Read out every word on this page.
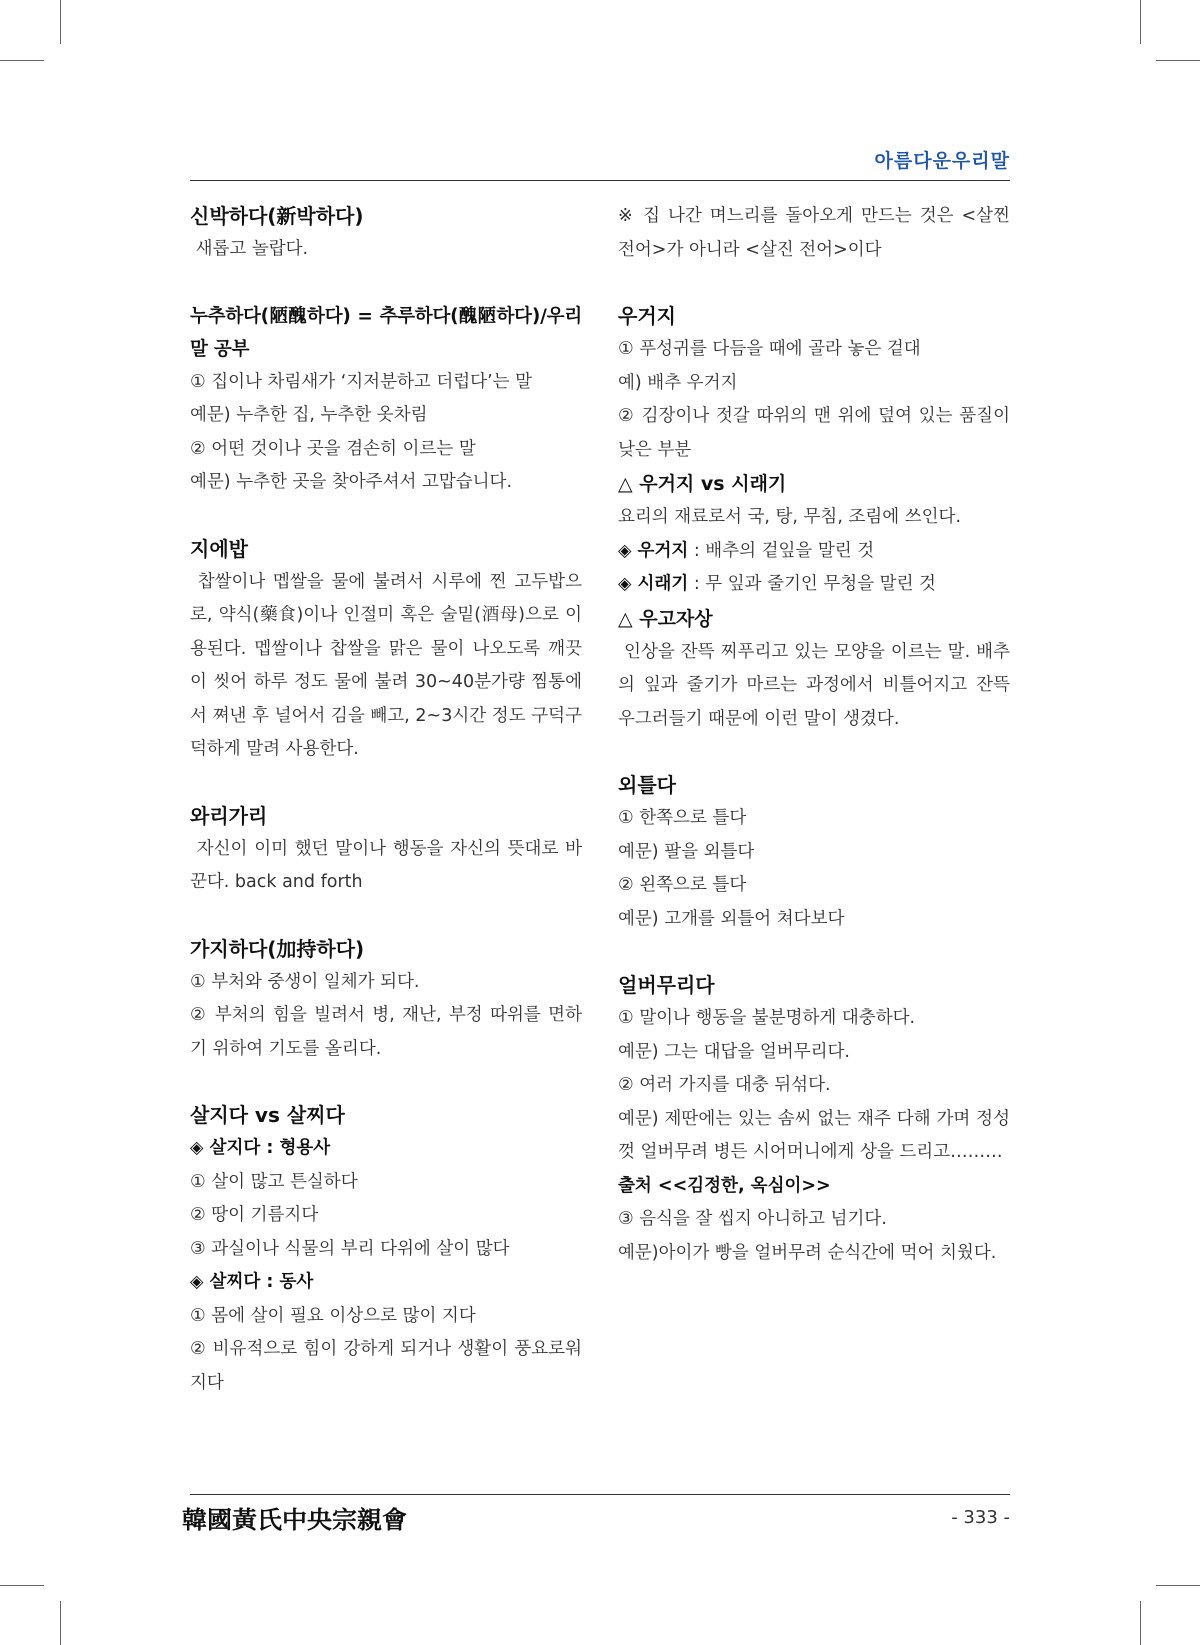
아름다운우리말
신박하다(新박하다)
새롭고 놀랍다.
누추하다(陋醜하다) = 추루하다(醜陋하다)/우리말 공부
① 집이나 차림새가 ‘지저분하고 더럽다’는 말
예문) 누추한 집, 누추한 옷차림
② 어떤 것이나 곳을 겸손히 이르는 말
예문) 누추한 곳을 찾아주셔서 고맙습니다.
지에밥
찹쌀이나 멥쌀을 물에 불려서 시루에 찐 고두밥으로, 약식(藥食)이나 인절미 혹은 술밑(酒母)으로 이용된다. 멥쌀이나 찹쌀을 맑은 물이 나오도록 깨끗이 씻어 하루 정도 물에 불려 30~40분가량 찜통에서 쪄낸 후 널어서 김을 빼고, 2~3시간 정도 구덕구덕하게 말려 사용한다.
와리가리
자신이 이미 했던 말이나 행동을 자신의 뜻대로 바꾼다. back and forth
가지하다(加持하다)
① 부처와 중생이 일체가 되다.
② 부처의 힘을 빌려서 병, 재난, 부정 따위를 면하기 위하여 기도를 올리다.
살지다 vs 살찌다
◈ 살지다 : 형용사
① 살이 많고 튼실하다
② 땅이 기름지다
③ 과실이나 식물의 부리 다위에 살이 많다
◈ 살찌다 : 동사
① 몸에 살이 필요 이상으로 많이 지다
② 비유적으로 힘이 강하게 되거나 생활이 풍요로워지다
※ 집 나간 며느리를 돌아오게 만드는 것은 <살찐 전어>가 아니라 <살진 전어>이다
우거지
① 푸성귀를 다듬을 때에 골라 놓은 겉대
예) 배추 우거지
② 김장이나 젓갈 따위의 맨 위에 덮여 있는 품질이 낮은 부분
△ 우거지 vs 시래기
요리의 재료로서 국, 탕, 무침, 조림에 쓰인다.
◈ 우거지 : 배추의 겉잎을 말린 것
◈ 시래기 : 무 잎과 줄기인 무청을 말린 것
△ 우고자상
인상을 잔뜩 찌푸리고 있는 모양을 이르는 말. 배추의 잎과 줄기가 마르는 과정에서 비틀어지고 잔뜩 우그러들기 때문에 이런 말이 생겼다.
외틀다
① 한쪽으로 틀다
예문) 팔을 외틀다
② 왼쪽으로 틀다
예문) 고개를 외틀어 쳐다보다
얼버무리다
① 말이나 행동을 불분명하게 대충하다.
예문) 그는 대답을 얼버무리다.
② 여러 가지를 대충 뒤섞다.
예문) 제딴에는 있는 솜씨 없는 재주 다해 가며 정성껏 얼버무려 병든 시어머니에게 상을 드리고………
출처 <<김정한, 옥심이>>
③ 음식을 잘 씹지 아니하고 넘기다.
예문)아이가 빵을 얼버무려 순식간에 먹어 치웠다.
韓國黃氏中央宗親會	- 333 -
